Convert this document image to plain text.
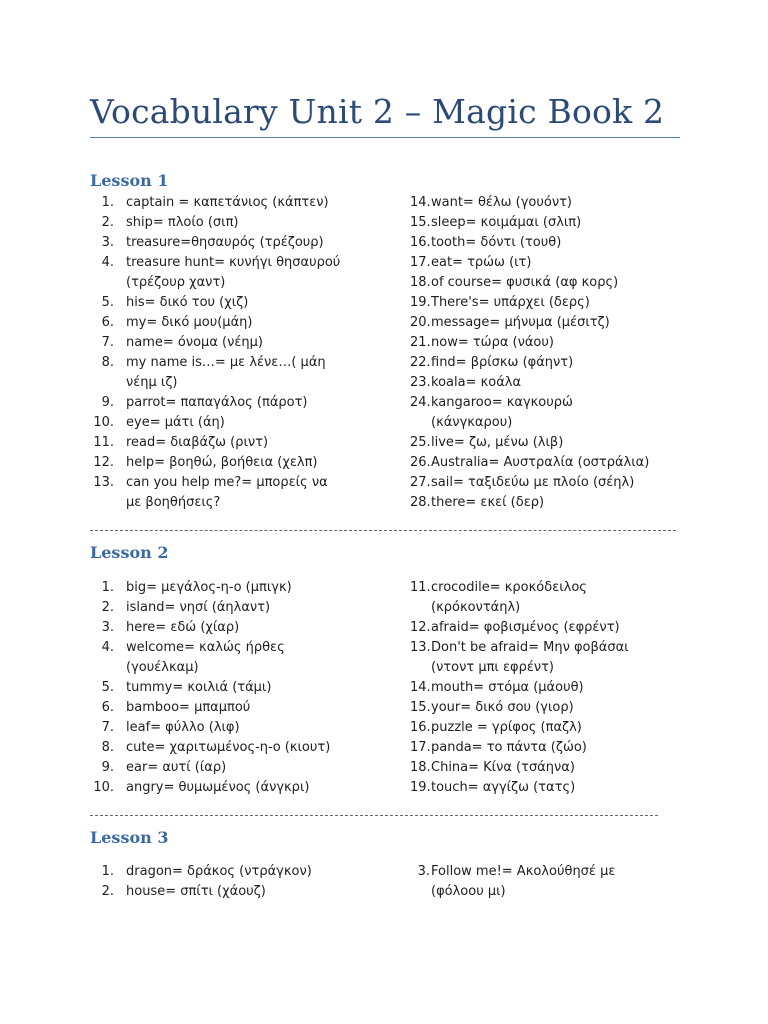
Vocabulary Unit 2 – Magic Book 2
Lesson 1
1. captain = καπετάνιος (κάπτεν)
2. ship= πλοίο (σιπ)
3. treasure=θησαυρός (τρέζουρ)
4. treasure hunt= κυνήγι θησαυρού
(τρέζουρ χαντ)
5. his= δικό του (χιζ)
6. my= δικό μου(μάη)
7. name= όνομα (νέημ)
8. my name is…= με λένε…( μάη
νέημ ιζ)
9. parrot= παπαγάλος (πάροτ)
10. eye= μάτι (άη)
11. read= διαβάζω (ριντ)
12. help= βοηθώ, βοήθεια (χελπ)
13. can you help me?= μπορείς να
με βοηθήσεις?
14. want= θέλω (γουόντ)
15. sleep= κοιμάμαι (σλιπ)
16. tooth= δόντι (τουθ)
17. eat= τρώω (ιτ)
18. of course= φυσικά (αφ κορς)
19. There's= υπάρχει (δερς)
20. message= μήνυμα (μέσιτζ)
21. now= τώρα (νάου)
22. find= βρίσκω (φάηντ)
23. koala= κοάλα
24. kangaroo= καγκουρώ
(κάνγκαρου)
25. live= ζω, μένω (λιβ)
26. Australia= Αυστραλία (οστράλια)
27. sail= ταξιδεύω με πλοίο (σέηλ)
28. there= εκεί (δερ)
Lesson 2
1. big= μεγάλος-η-ο (μπιγκ)
2. island= νησί (άηλαντ)
3. here= εδώ (χίαρ)
4. welcome= καλώς ήρθες
(γουέλκαμ)
5. tummy= κοιλιά (τάμι)
6. bamboo= μπαμπού
7. leaf= φύλλο (λιφ)
8. cute= χαριτωμένος-η-ο (κιουτ)
9. ear= αυτί (ίαρ)
10. angry= θυμωμένος (άνγκρι)
11. crocodile= κροκόδειλος
(κρόκοντάηλ)
12. afraid= φοβισμένος (εφρέντ)
13. Don't be afraid= Μην φοβάσαι
(ντοντ μπι εφρέντ)
14. mouth= στόμα (μάουθ)
15. your= δικό σου (γιορ)
16. puzzle = γρίφος (παζλ)
17. panda= το πάντα (ζώο)
18. China= Κίνα (τσάηνα)
19. touch= αγγίζω (τατς)
Lesson 3
1. dragon= δράκος (ντράγκον)
2. house= σπίτι (χάουζ)
3. Follow me!= Ακολούθησέ με
(φόλοου μι)
